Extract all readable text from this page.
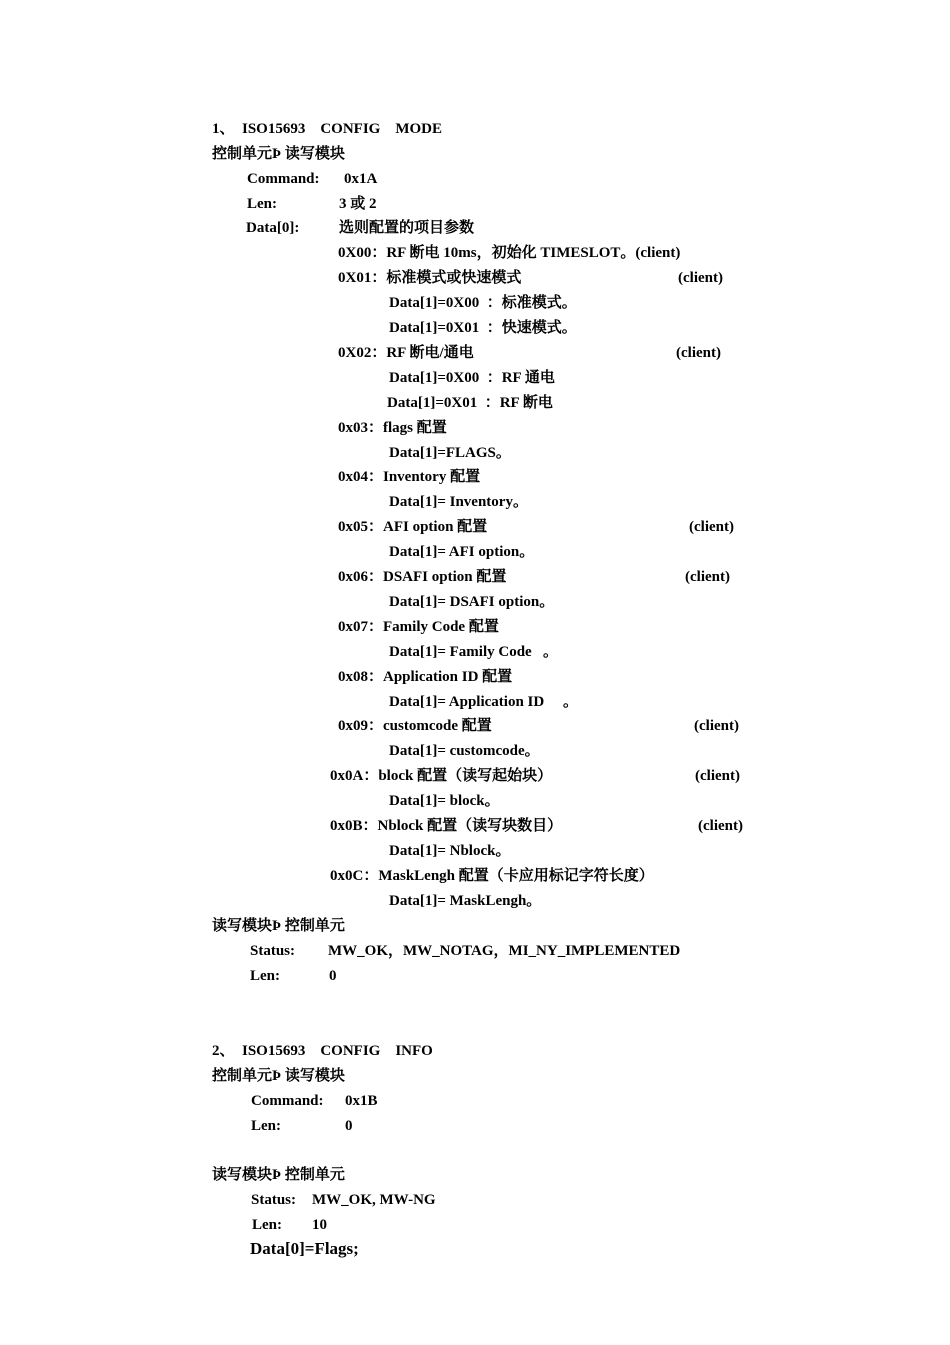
1、  ISO15693    CONFIG    MODE
控制单元Þ 读写模块
Command: 0x1A
Len:	3 或 2
Data[0]:	选则配置的项目参数
0X00：RF 断电 10ms，初始化 TIMESLOT。(client)
0X01：标准模式或快速模式	(client)
Data[1]=0X00  ：标准模式。
Data[1]=0X01  ：快速模式。
0X02：RF 断电/通电	(client)
Data[1]=0X00  ：RF 通电
Data[1]=0X01  ：RF 断电
0x03：flags 配置
Data[1]=FLAGS。
0x04：Inventory 配置
Data[1]= Inventory。
0x05：AFI option 配置	(client)
Data[1]= AFI option。
0x06：DSAFI option 配置	(client)
Data[1]= DSAFI option。
0x07：Family Code 配置
Data[1]= Family Code   。
0x08：Application ID 配置
Data[1]= Application ID     。
0x09：customcode 配置	(client)
Data[1]= customcode。
0x0A：block 配置（读写起始块）	(client)
Data[1]= block。
0x0B：Nblock 配置（读写块数目）	(client)
Data[1]= Nblock。
0x0C：MaskLengh 配置（卡应用标记字符长度）
Data[1]= MaskLengh。
读写模块Þ 控制单元
Status: MW_OK，MW_NOTAG，MI_NY_IMPLEMENTED
Len:	0
2、  ISO15693    CONFIG    INFO
控制单元Þ 读写模块
Command: 0x1B
Len:	0
读写模块Þ 控制单元
Status: MW_OK, MW-NG
Len: 10
Data[0]=Flags;
